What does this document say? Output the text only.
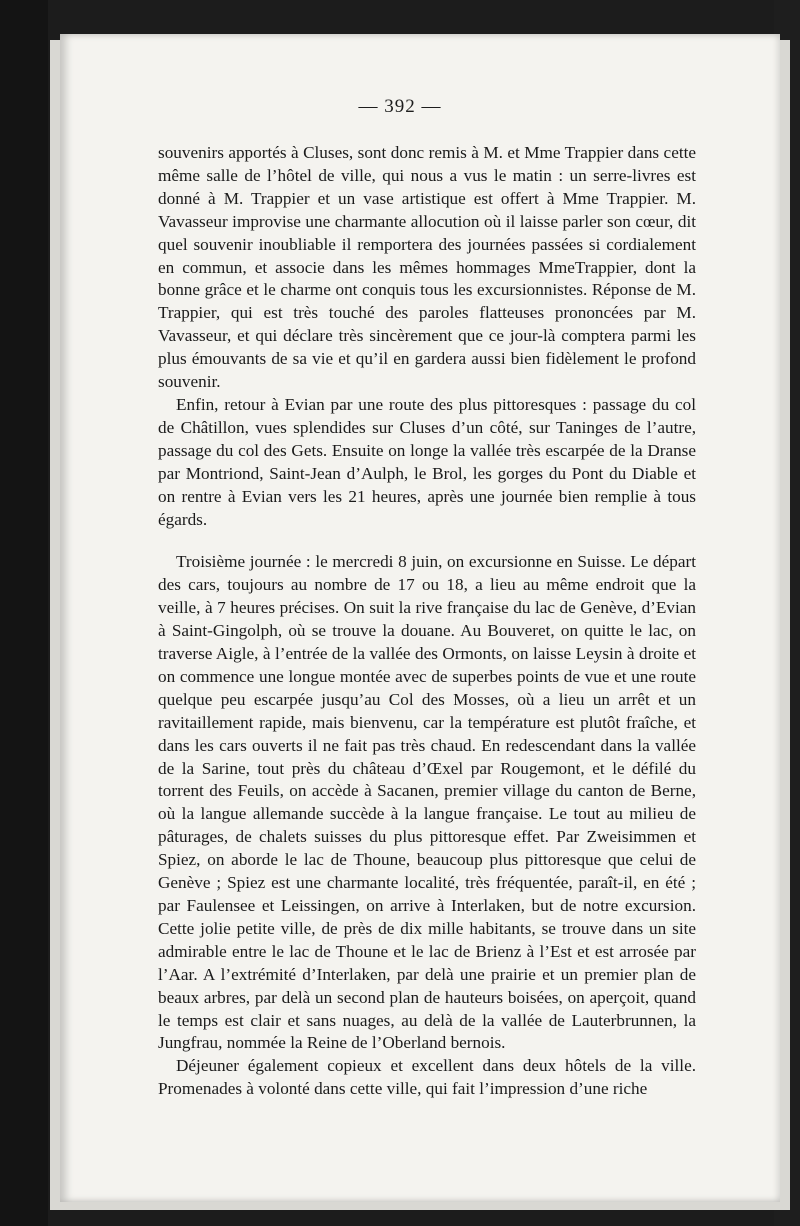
— 392 —

souvenirs apportés à Cluses, sont donc remis à M. et Mme Trappier dans cette même salle de l’hôtel de ville, qui nous a vus le matin : un serre-livres est donné à M. Trappier et un vase artistique est offert à Mme Trappier. M. Vavasseur improvise une charmante allocution où il laisse parler son cœur, dit quel souvenir inoubliable il remportera des journées passées si cordialement en commun, et associe dans les mêmes hommages MmeTrappier, dont la bonne grâce et le charme ont conquis tous les excursionnistes. Réponse de M. Trappier, qui est très touché des paroles flatteuses prononcées par M. Vavasseur, et qui déclare très sincèrement que ce jour-là comptera parmi les plus émouvants de sa vie et qu’il en gardera aussi bien fidèlement le profond souvenir.

Enfin, retour à Evian par une route des plus pittoresques : passage du col de Châtillon, vues splendides sur Cluses d’un côté, sur Taninges de l’autre, passage du col des Gets. Ensuite on longe la vallée très escarpée de la Dranse par Montriond, Saint-Jean d’Aulph, le Brol, les gorges du Pont du Diable et on rentre à Evian vers les 21 heures, après une journée bien remplie à tous égards.

Troisième journée : le mercredi 8 juin, on excursionne en Suisse. Le départ des cars, toujours au nombre de 17 ou 18, a lieu au même endroit que la veille, à 7 heures précises. On suit la rive française du lac de Genève, d’Evian à Saint-Gingolph, où se trouve la douane. Au Bouveret, on quitte le lac, on traverse Aigle, à l’entrée de la vallée des Ormonts, on laisse Leysin à droite et on commence une longue montée avec de superbes points de vue et une route quelque peu escarpée jusqu’au Col des Mosses, où a lieu un arrêt et un ravitaillement rapide, mais bienvenu, car la température est plutôt fraîche, et dans les cars ouverts il ne fait pas très chaud. En redescendant dans la vallée de la Sarine, tout près du château d’Œxel par Rougemont, et le défilé du torrent des Feuils, on accède à Sacanen, premier village du canton de Berne, où la langue allemande succède à la langue française. Le tout au milieu de pâturages, de chalets suisses du plus pittoresque effet. Par Zweisimmen et Spiez, on aborde le lac de Thoune, beaucoup plus pittoresque que celui de Genève ; Spiez est une charmante localité, très fréquentée, paraît-il, en été ; par Faulensee et Leissingen, on arrive à Interlaken, but de notre excursion. Cette jolie petite ville, de près de dix mille habitants, se trouve dans un site admirable entre le lac de Thoune et le lac de Brienz à l’Est et est arrosée par l’Aar. A l’extrémité d’Interlaken, par delà une prairie et un premier plan de beaux arbres, par delà un second plan de hauteurs boisées, on aperçoit, quand le temps est clair et sans nuages, au delà de la vallée de Lauterbrunnen, la Jungfrau, nommée la Reine de l’Oberland bernois.

Déjeuner également copieux et excellent dans deux hôtels de la ville. Promenades à volonté dans cette ville, qui fait l’impression d’une riche
